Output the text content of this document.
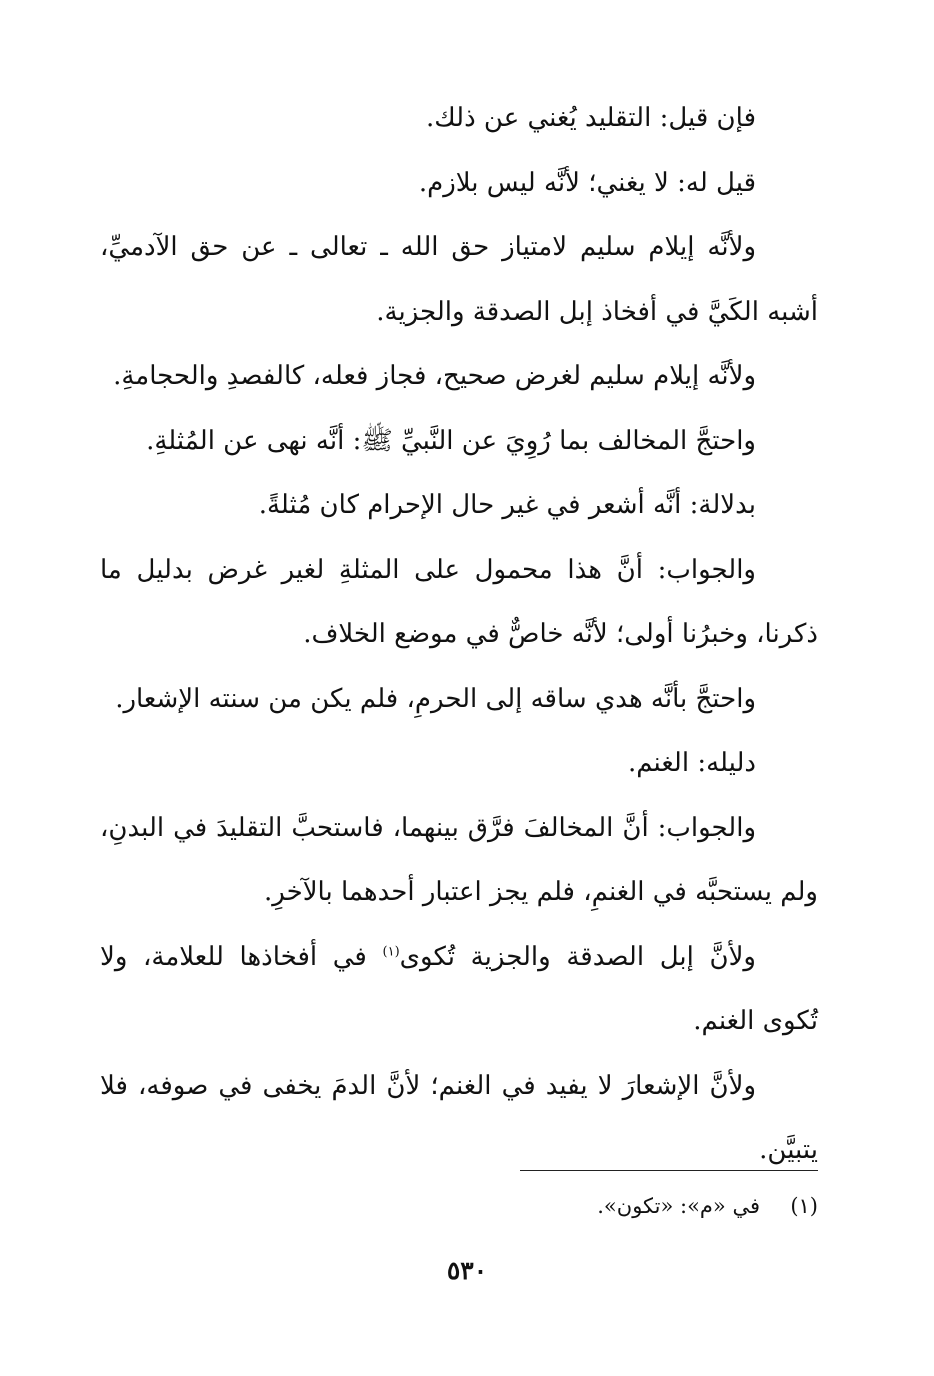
فإن قيل: التقليد يُغني عن ذلك.

قيل له: لا يغني؛ لأنَّه ليس بلازم.

ولأنَّه إيلام سليم لامتياز حق الله ـ تعالى ـ عن حق الآدميِّ، أشبه الكَيَّ في أفخاذ إبل الصدقة والجزية.

ولأنَّه إيلام سليم لغرض صحيح، فجاز فعله، كالفصدِ والحجامةِ.

واحتجَّ المخالف بما رُوِيَ عن النَّبيِّ ﷺ: أنَّه نهى عن المُثلةِ.

بدلالة: أنَّه أشعر في غير حال الإحرام كان مُثلةً.

والجواب: أنَّ هذا محمول على المثلةِ لغير غرض بدليل ما ذكرنا، وخبرُنا أولى؛ لأنَّه خاصٌّ في موضع الخلاف.

واحتجَّ بأنَّه هدي ساقه إلى الحرمِ، فلم يكن من سنته الإشعار.

دليله: الغنم.

والجواب: أنَّ المخالفَ فرَّق بينهما، فاستحبَّ التقليدَ في البدنِ، ولم يستحبَّه في الغنمِ، فلم يجز اعتبار أحدهما بالآخرِ.

ولأنَّ إبل الصدقة والجزية تُكوى$^{(١)}$ في أفخاذها للعلامة، ولا تُكوى الغنم.

ولأنَّ الإشعارَ لا يفيد في الغنم؛ لأنَّ الدمَ يخفى في صوفه، فلا يتبيَّن.

(١)في «م»: «تكون».

٥٣٠
